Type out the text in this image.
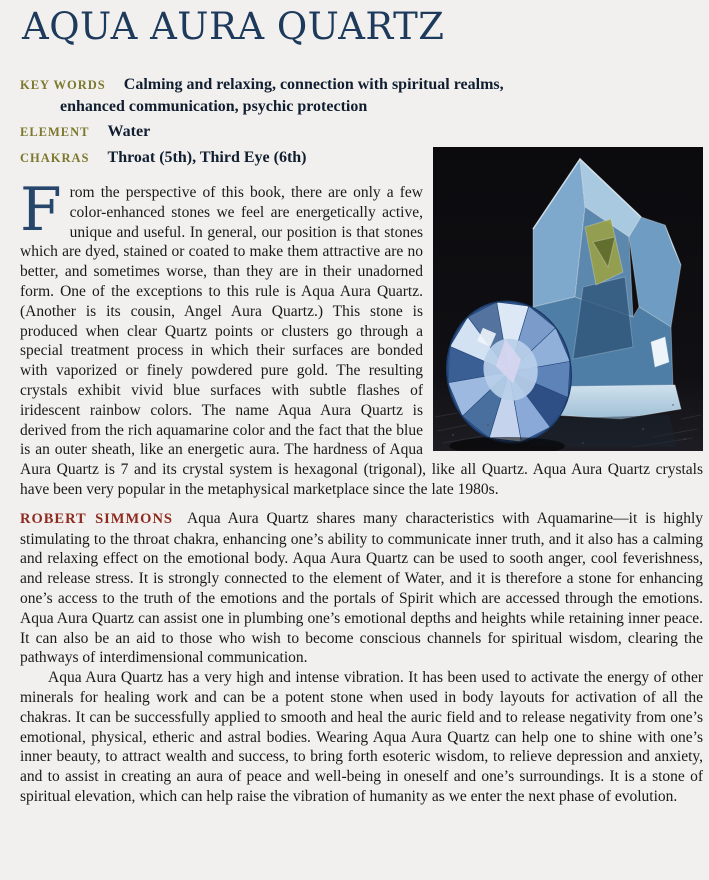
AQUA AURA QUARTZ
KEY WORDS Calming and relaxing, connection with spiritual realms, enhanced communication, psychic protection
ELEMENT Water
CHAKRAS Throat (5th), Third Eye (6th)

From the perspective of this book, there are only a few color-enhanced stones we feel are energetically active, unique and useful. In general, our position is that stones which are dyed, stained or coated to make them attractive are no better, and sometimes worse, than they are in their unadorned form. One of the exceptions to this rule is Aqua Aura Quartz. (Another is its cousin, Angel Aura Quartz.) This stone is produced when clear Quartz points or clusters go through a special treatment process in which their surfaces are bonded with vaporized or finely powdered pure gold. The resulting crystals exhibit vivid blue surfaces with subtle flashes of iridescent rainbow colors. The name Aqua Aura Quartz is derived from the rich aquamarine color and the fact that the blue is an outer sheath, like an energetic aura. The hardness of Aqua Aura Quartz is 7 and its crystal system is hexagonal (trigonal), like all Quartz. Aqua Aura Quartz crystals have been very popular in the metaphysical marketplace since the late 1980s.

ROBERT SIMMONS Aqua Aura Quartz shares many characteristics with Aquamarine—it is highly stimulating to the throat chakra, enhancing one’s ability to communicate inner truth, and it also has a calming and relaxing effect on the emotional body. Aqua Aura Quartz can be used to sooth anger, cool feverishness, and release stress. It is strongly connected to the element of Water, and it is therefore a stone for enhancing one’s access to the truth of the emotions and the portals of Spirit which are accessed through the emotions. Aqua Aura Quartz can assist one in plumbing one’s emotional depths and heights while retaining inner peace. It can also be an aid to those who wish to become conscious channels for spiritual wisdom, clearing the pathways of interdimensional communication.

Aqua Aura Quartz has a very high and intense vibration. It has been used to activate the energy of other minerals for healing work and can be a potent stone when used in body layouts for activation of all the chakras. It can be successfully applied to smooth and heal the auric field and to release negativity from one’s emotional, physical, etheric and astral bodies. Wearing Aqua Aura Quartz can help one to shine with one’s inner beauty, to attract wealth and success, to bring forth esoteric wisdom, to relieve depression and anxiety, and to assist in creating an aura of peace and well-being in oneself and one’s surroundings. It is a stone of spiritual elevation, which can help raise the vibration of humanity as we enter the next phase of evolution.
